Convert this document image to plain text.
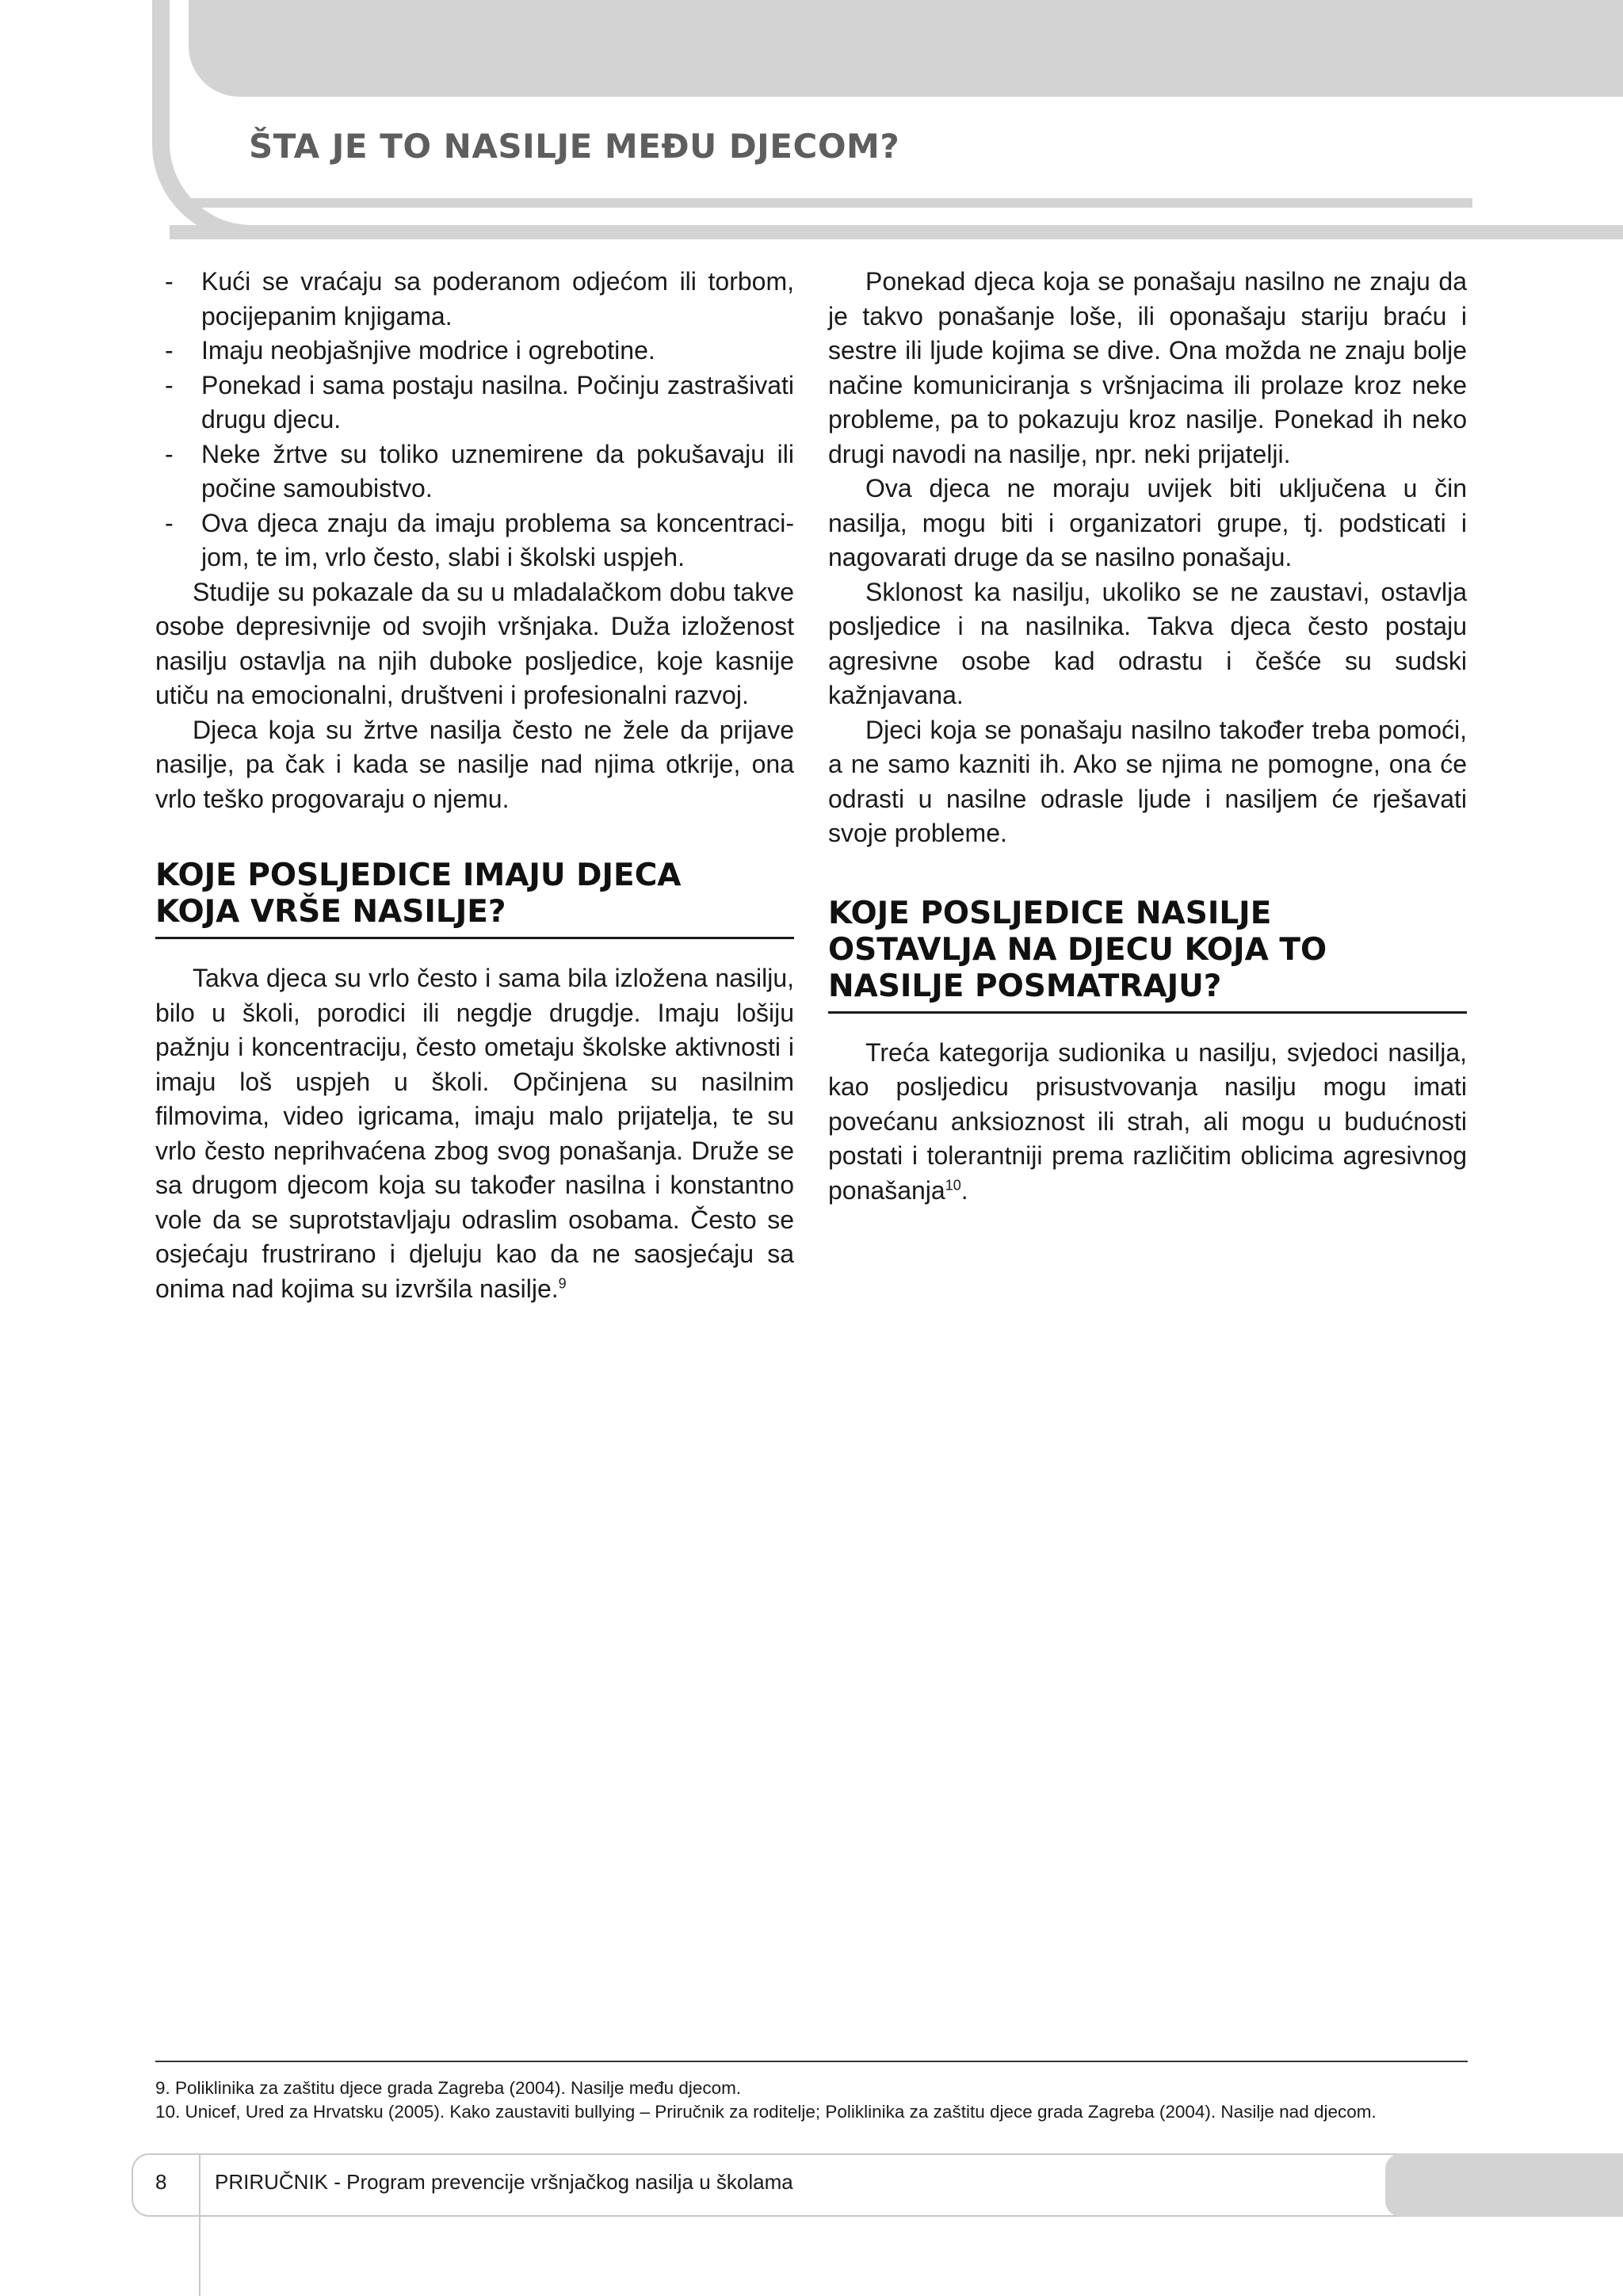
ŠTA JE TO NASILJE MEĐU DJECOM?
- Kući se vraćaju sa poderanom odjećom ili torbom, pocijepanim knjigama.
- Imaju neobjašnjive modrice i ogrebotine.
- Ponekad i sama postaju nasilna. Počinju zastrašivati drugu djecu.
- Neke žrtve su toliko uznemirene da pokušavaju ili počine samoubistvo.
- Ova djeca znaju da imaju problema sa koncentracijom, te im, vrlo često, slabi i školski uspjeh.

Studije su pokazale da su u mladalačkom dobu takve osobe depresivnije od svojih vršnjaka. Duža izloženost nasilju ostavlja na njih duboke posljedice, koje kasnije utiču na emocionalni, društveni i profesionalni razvoj.

Djeca koja su žrtve nasilja često ne žele da prijave nasilje, pa čak i kada se nasilje nad njima otkrije, ona vrlo teško progovaraju o njemu.

KOJE POSLJEDICE IMAJU DJECA
KOJA VRŠE NASILJE?

Takva djeca su vrlo često i sama bila izložena nasilju, bilo u školi, porodici ili negdje drugdje. Imaju lošiju pažnju i koncentraciju, često ometaju školske aktivnosti i imaju loš uspjeh u školi. Opčinjena su nasilnim filmovima, video igricama, imaju malo prijatelja, te su vrlo često neprihvaćena zbog svog ponašanja. Druže se sa drugom djecom koja su također nasilna i konstantno vole da se suprotstavljaju odraslim osobama. Često se osjećaju frustrirano i djeluju kao da ne saosjećaju sa onima nad kojima su izvršila nasilje.$^9$

Ponekad djeca koja se ponašaju nasilno ne znaju da je takvo ponašanje loše, ili oponašaju stariju braću i sestre ili ljude kojima se dive. Ona možda ne znaju bolje načine komuniciranja s vršnjacima ili prolaze kroz neke probleme, pa to pokazuju kroz nasilje. Ponekad ih neko drugi navodi na nasilje, npr. neki prijatelji.

Ova djeca ne moraju uvijek biti uključena u čin nasilja, mogu biti i organizatori grupe, tj. podsticati i nagovarati druge da se nasilno ponašaju.

Sklonost ka nasilju, ukoliko se ne zaustavi, ostavlja posljedice i na nasilnika. Takva djeca često postaju agresivne osobe kad odrastu i češće su sudski kažnjavana.

Djeci koja se ponašaju nasilno također treba pomoći, a ne samo kazniti ih. Ako se njima ne pomogne, ona će odrasti u nasilne odrasle ljude i nasiljem će rješavati svoje probleme.

KOJE POSLJEDICE NASILJE
OSTAVLJA NA DJECU KOJA TO
NASILJE POSMATRAJU?

Treća kategorija sudionika u nasilju, svjedoci nasilja, kao posljedicu prisustvovanja nasilju mogu imati povećanu anksioznost ili strah, ali mogu u budućnosti postati i tolerantniji prema različitim oblicima agresivnog ponašanja$^{10}$.

9. Poliklinika za zaštitu djece grada Zagreba (2004). Nasilje među djecom.
10. Unicef, Ured za Hrvatsku (2005). Kako zaustaviti bullying – Priručnik za roditelje; Poliklinika za zaštitu djece grada Zagreba (2004). Nasilje nad djecom.
8 PRIRUČNIK - Program prevencije vršnjačkog nasilja u školama
